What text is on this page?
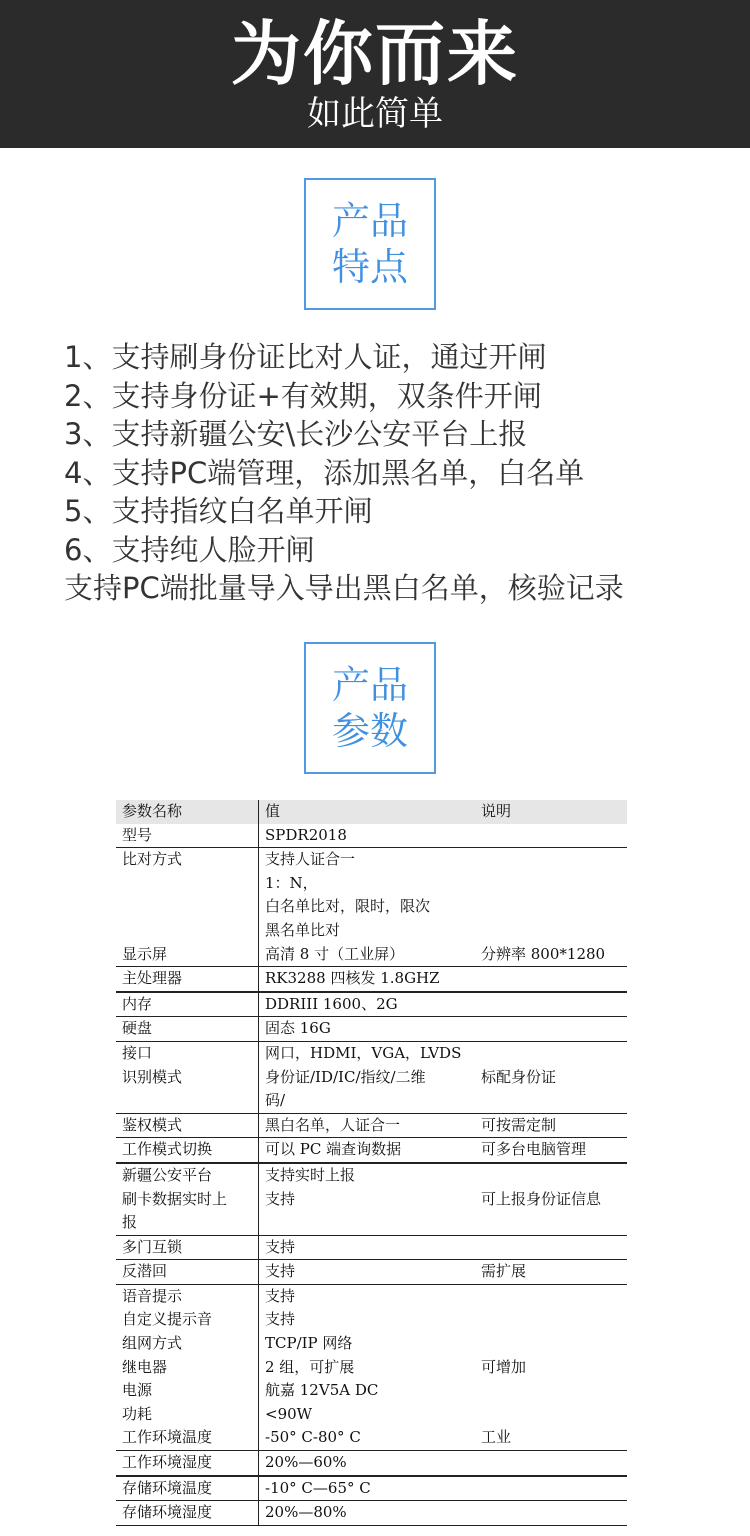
为你而来
如此简单
产品
特点
1、支持刷身份证比对人证，通过开闸
2、支持身份证+有效期，双条件开闸
3、支持新疆公安\长沙公安平台上报
4、支持PC端管理，添加黑名单，白名单
5、支持指纹白名单开闸
6、支持纯人脸开闸
支持PC端批量导入导出黑白名单，核验记录
产品
参数
参数名称	值	说明
型号	SPDR2018	
比对方式	支持人证合一	
	1：N，	
	白名单比对，限时，限次	
	黑名单比对	
显示屏	高清 8 寸（工业屏）	分辨率 800*1280
主处理器	RK3288 四核发 1.8GHZ	
内存	DDRIII 1600、2G	
硬盘	固态 16G	
接口	网口，HDMI，VGA，LVDS	
识别模式	身份证/ID/IC/指纹/二维	标配身份证
	码/	
鉴权模式	黑白名单，人证合一	可按需定制
工作模式切换	可以 PC 端查询数据	可多台电脑管理
新疆公安平台	支持实时上报	
刷卡数据实时上	支持	可上报身份证信息
报		
多门互锁	支持	
反潜回	支持	需扩展
语音提示	支持	
自定义提示音	支持	
组网方式	TCP/IP 网络	
继电器	2 组，可扩展	可增加
电源	航嘉 12V5A DC	
功耗	<90W	
工作环境温度	-50° C-80° C	工业
工作环境湿度	20%—60%	
存储环境温度	-10° C—65° C	
存储环境湿度	20%—80%	
